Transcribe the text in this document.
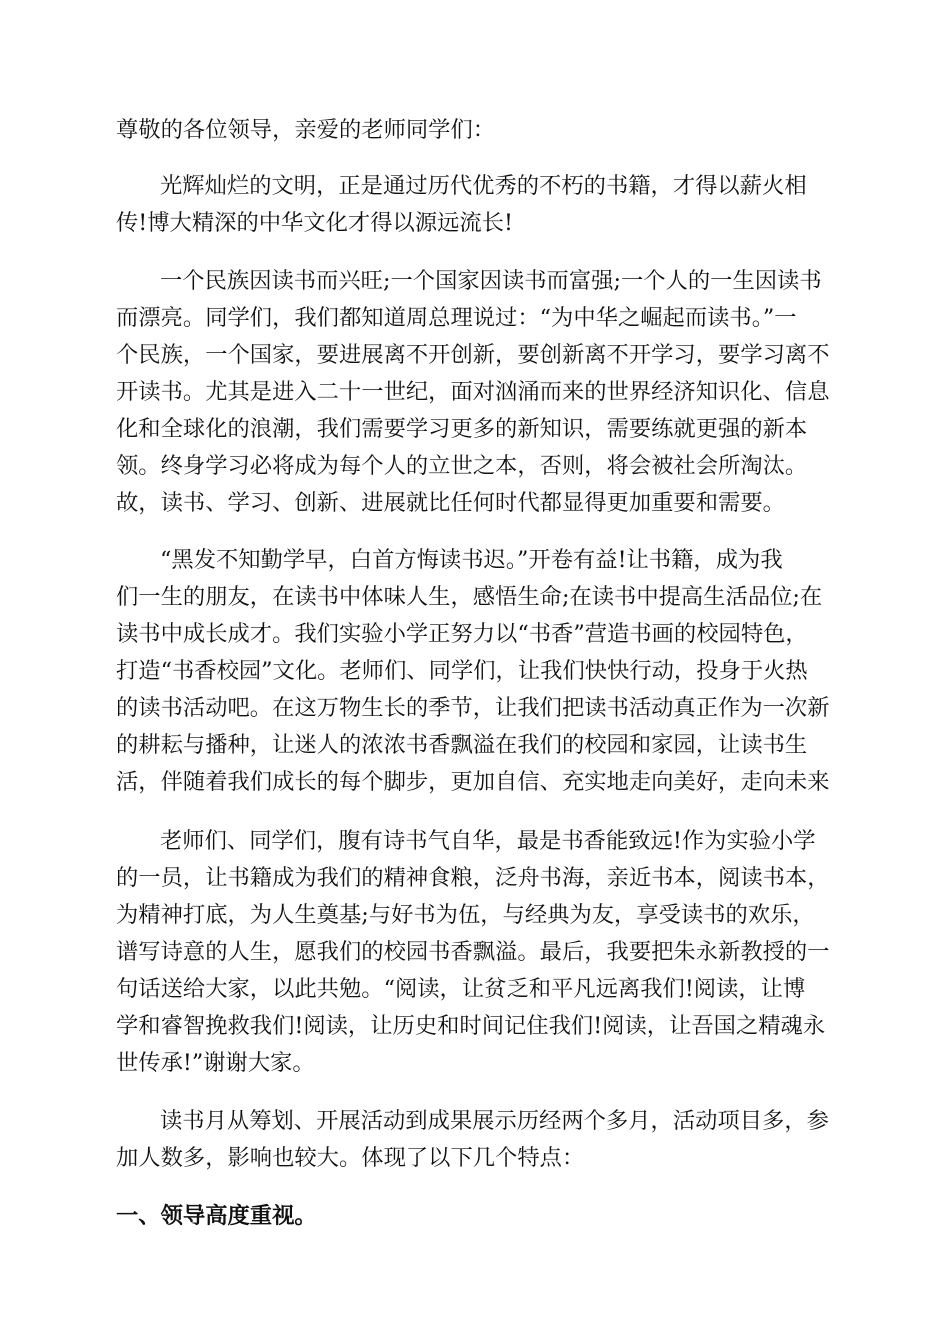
尊敬的各位领导，亲爱的老师同学们：

光辉灿烂的文明，正是通过历代优秀的不朽的书籍，才得以薪火相

传!博大精深的中华文化才得以源远流长!

一个民族因读书而兴旺;一个国家因读书而富强;一个人的一生因读书

而漂亮。同学们，我们都知道周总理说过：“为中华之崛起而读书。”一

个民族，一个国家，要进展离不开创新，要创新离不开学习，要学习离不

开读书。尤其是进入二十一世纪，面对汹涌而来的世界经济知识化、信息

化和全球化的浪潮，我们需要学习更多的新知识，需要练就更强的新本

领。终身学习必将成为每个人的立世之本，否则，将会被社会所淘汰。

故，读书、学习、创新、进展就比任何时代都显得更加重要和需要。

“黑发不知勤学早，白首方悔读书迟。”开卷有益!让书籍，成为我

们一生的朋友，在读书中体味人生，感悟生命;在读书中提高生活品位;在

读书中成长成才。我们实验小学正努力以“书香”营造书画的校园特色，

打造“书香校园”文化。老师们、同学们，让我们快快行动，投身于火热

的读书活动吧。在这万物生长的季节，让我们把读书活动真正作为一次新

的耕耘与播种，让迷人的浓浓书香飘溢在我们的校园和家园，让读书生

活，伴随着我们成长的每个脚步，更加自信、充实地走向美好，走向未来

老师们、同学们，腹有诗书气自华，最是书香能致远!作为实验小学

的一员，让书籍成为我们的精神食粮，泛舟书海，亲近书本，阅读书本，

为精神打底，为人生奠基;与好书为伍，与经典为友，享受读书的欢乐，

谱写诗意的人生，愿我们的校园书香飘溢。最后，我要把朱永新教授的一

句话送给大家，以此共勉。“阅读，让贫乏和平凡远离我们!阅读，让博

学和睿智挽救我们!阅读，让历史和时间记住我们!阅读，让吾国之精魂永

世传承!”谢谢大家。

读书月从筹划、开展活动到成果展示历经两个多月，活动项目多，参

加人数多，影响也较大。体现了以下几个特点：

一、领导高度重视。
